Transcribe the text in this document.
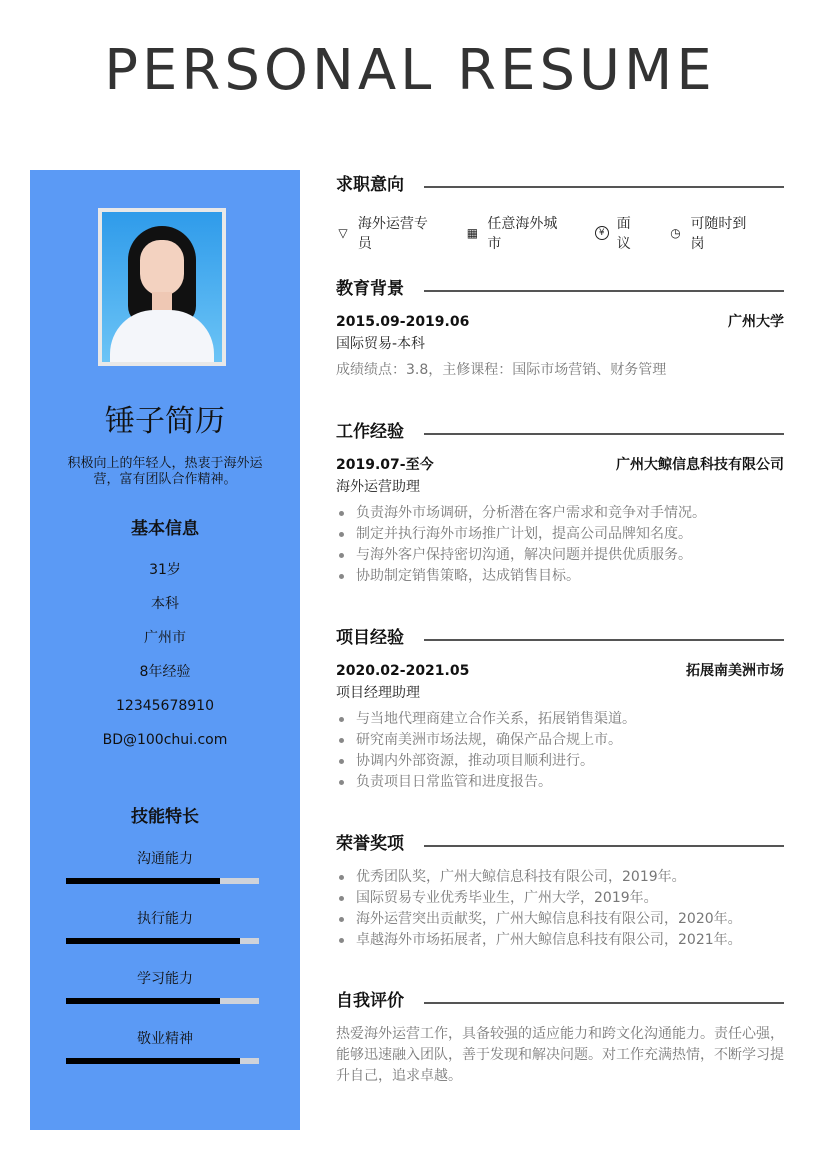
PERSONAL RESUME
锤子简历
积极向上的年轻人，热衷于海外运营，富有团队合作精神。
基本信息
31岁
本科
广州市
8年经验
12345678910
BD@100chui.com
技能特长
沟通能力
执行能力
学习能力
敬业精神
求职意向
▽
海外运营专员
▦
任意海外城市
¥
面议
◷
可随时到岗
教育背景
2015.09-2019.06	广州大学
国际贸易-本科
成绩绩点：3.8，主修课程：国际市场营销、财务管理
工作经验
2019.07-至今	广州大鲸信息科技有限公司
海外运营助理
负责海外市场调研，分析潜在客户需求和竞争对手情况。
制定并执行海外市场推广计划，提高公司品牌知名度。
与海外客户保持密切沟通，解决问题并提供优质服务。
协助制定销售策略，达成销售目标。
项目经验
2020.02-2021.05	拓展南美洲市场
项目经理助理
与当地代理商建立合作关系，拓展销售渠道。
研究南美洲市场法规，确保产品合规上市。
协调内外部资源，推动项目顺利进行。
负责项目日常监管和进度报告。
荣誉奖项
优秀团队奖，广州大鲸信息科技有限公司，2019年。
国际贸易专业优秀毕业生，广州大学，2019年。
海外运营突出贡献奖，广州大鲸信息科技有限公司，2020年。
卓越海外市场拓展者，广州大鲸信息科技有限公司，2021年。
自我评价
热爱海外运营工作，具备较强的适应能力和跨文化沟通能力。责任心强，能够迅速融入团队，善于发现和解决问题。对工作充满热情，不断学习提升自己，追求卓越。
